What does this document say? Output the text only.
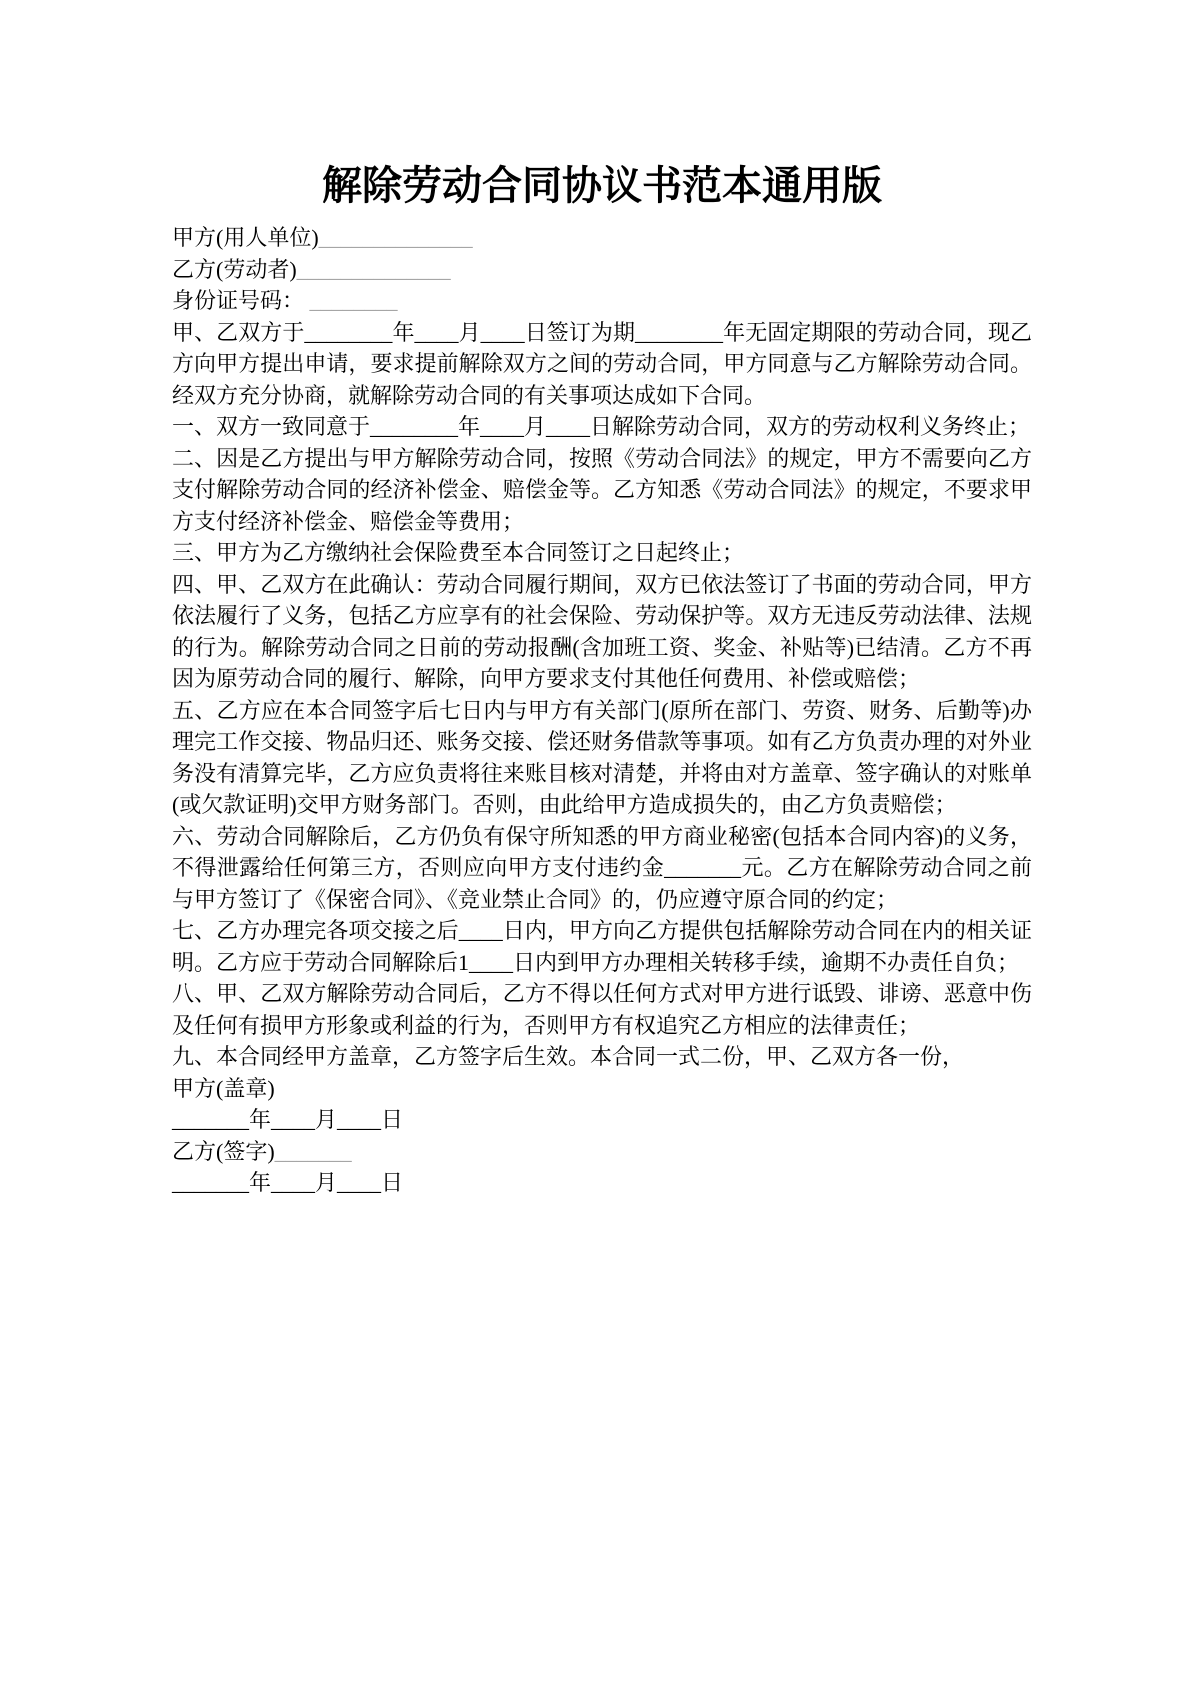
解除劳动合同协议书范本通用版

甲方(用人单位)______________

乙方(劳动者)______________

身份证号码： ________

甲、乙双方于________年____月____日签订为期________年无固定期限的劳动合同，现乙方向甲方提出申请，要求提前解除双方之间的劳动合同，甲方同意与乙方解除劳动合同。经双方充分协商，就解除劳动合同的有关事项达成如下合同。

一、双方一致同意于________年____月____日解除劳动合同，双方的劳动权利义务终止；

二、因是乙方提出与甲方解除劳动合同，按照《劳动合同法》的规定，甲方不需要向乙方支付解除劳动合同的经济补偿金、赔偿金等。乙方知悉《劳动合同法》的规定，不要求甲方支付经济补偿金、赔偿金等费用；

三、甲方为乙方缴纳社会保险费至本合同签订之日起终止；

四、甲、乙双方在此确认：劳动合同履行期间，双方已依法签订了书面的劳动合同，甲方依法履行了义务，包括乙方应享有的社会保险、劳动保护等。双方无违反劳动法律、法规的行为。解除劳动合同之日前的劳动报酬(含加班工资、奖金、补贴等)已结清。乙方不再因为原劳动合同的履行、解除，向甲方要求支付其他任何费用、补偿或赔偿；

五、乙方应在本合同签字后七日内与甲方有关部门(原所在部门、劳资、财务、后勤等)办理完工作交接、物品归还、账务交接、偿还财务借款等事项。如有乙方负责办理的对外业务没有清算完毕，乙方应负责将往来账目核对清楚，并将由对方盖章、签字确认的对账单(或欠款证明)交甲方财务部门。否则，由此给甲方造成损失的，由乙方负责赔偿；

六、劳动合同解除后，乙方仍负有保守所知悉的甲方商业秘密(包括本合同内容)的义务，不得泄露给任何第三方，否则应向甲方支付违约金_______元。乙方在解除劳动合同之前与甲方签订了《保密合同》、《竞业禁止合同》的，仍应遵守原合同的约定；

七、乙方办理完各项交接之后____日内，甲方向乙方提供包括解除劳动合同在内的相关证明。乙方应于劳动合同解除后1____日内到甲方办理相关转移手续，逾期不办责任自负；

八、甲、乙双方解除劳动合同后，乙方不得以任何方式对甲方进行诋毁、诽谤、恶意中伤及任何有损甲方形象或利益的行为，否则甲方有权追究乙方相应的法律责任；

九、本合同经甲方盖章，乙方签字后生效。本合同一式二份，甲、乙双方各一份，

甲方(盖章)

_______年____月____日

乙方(签字)_______

_______年____月____日
